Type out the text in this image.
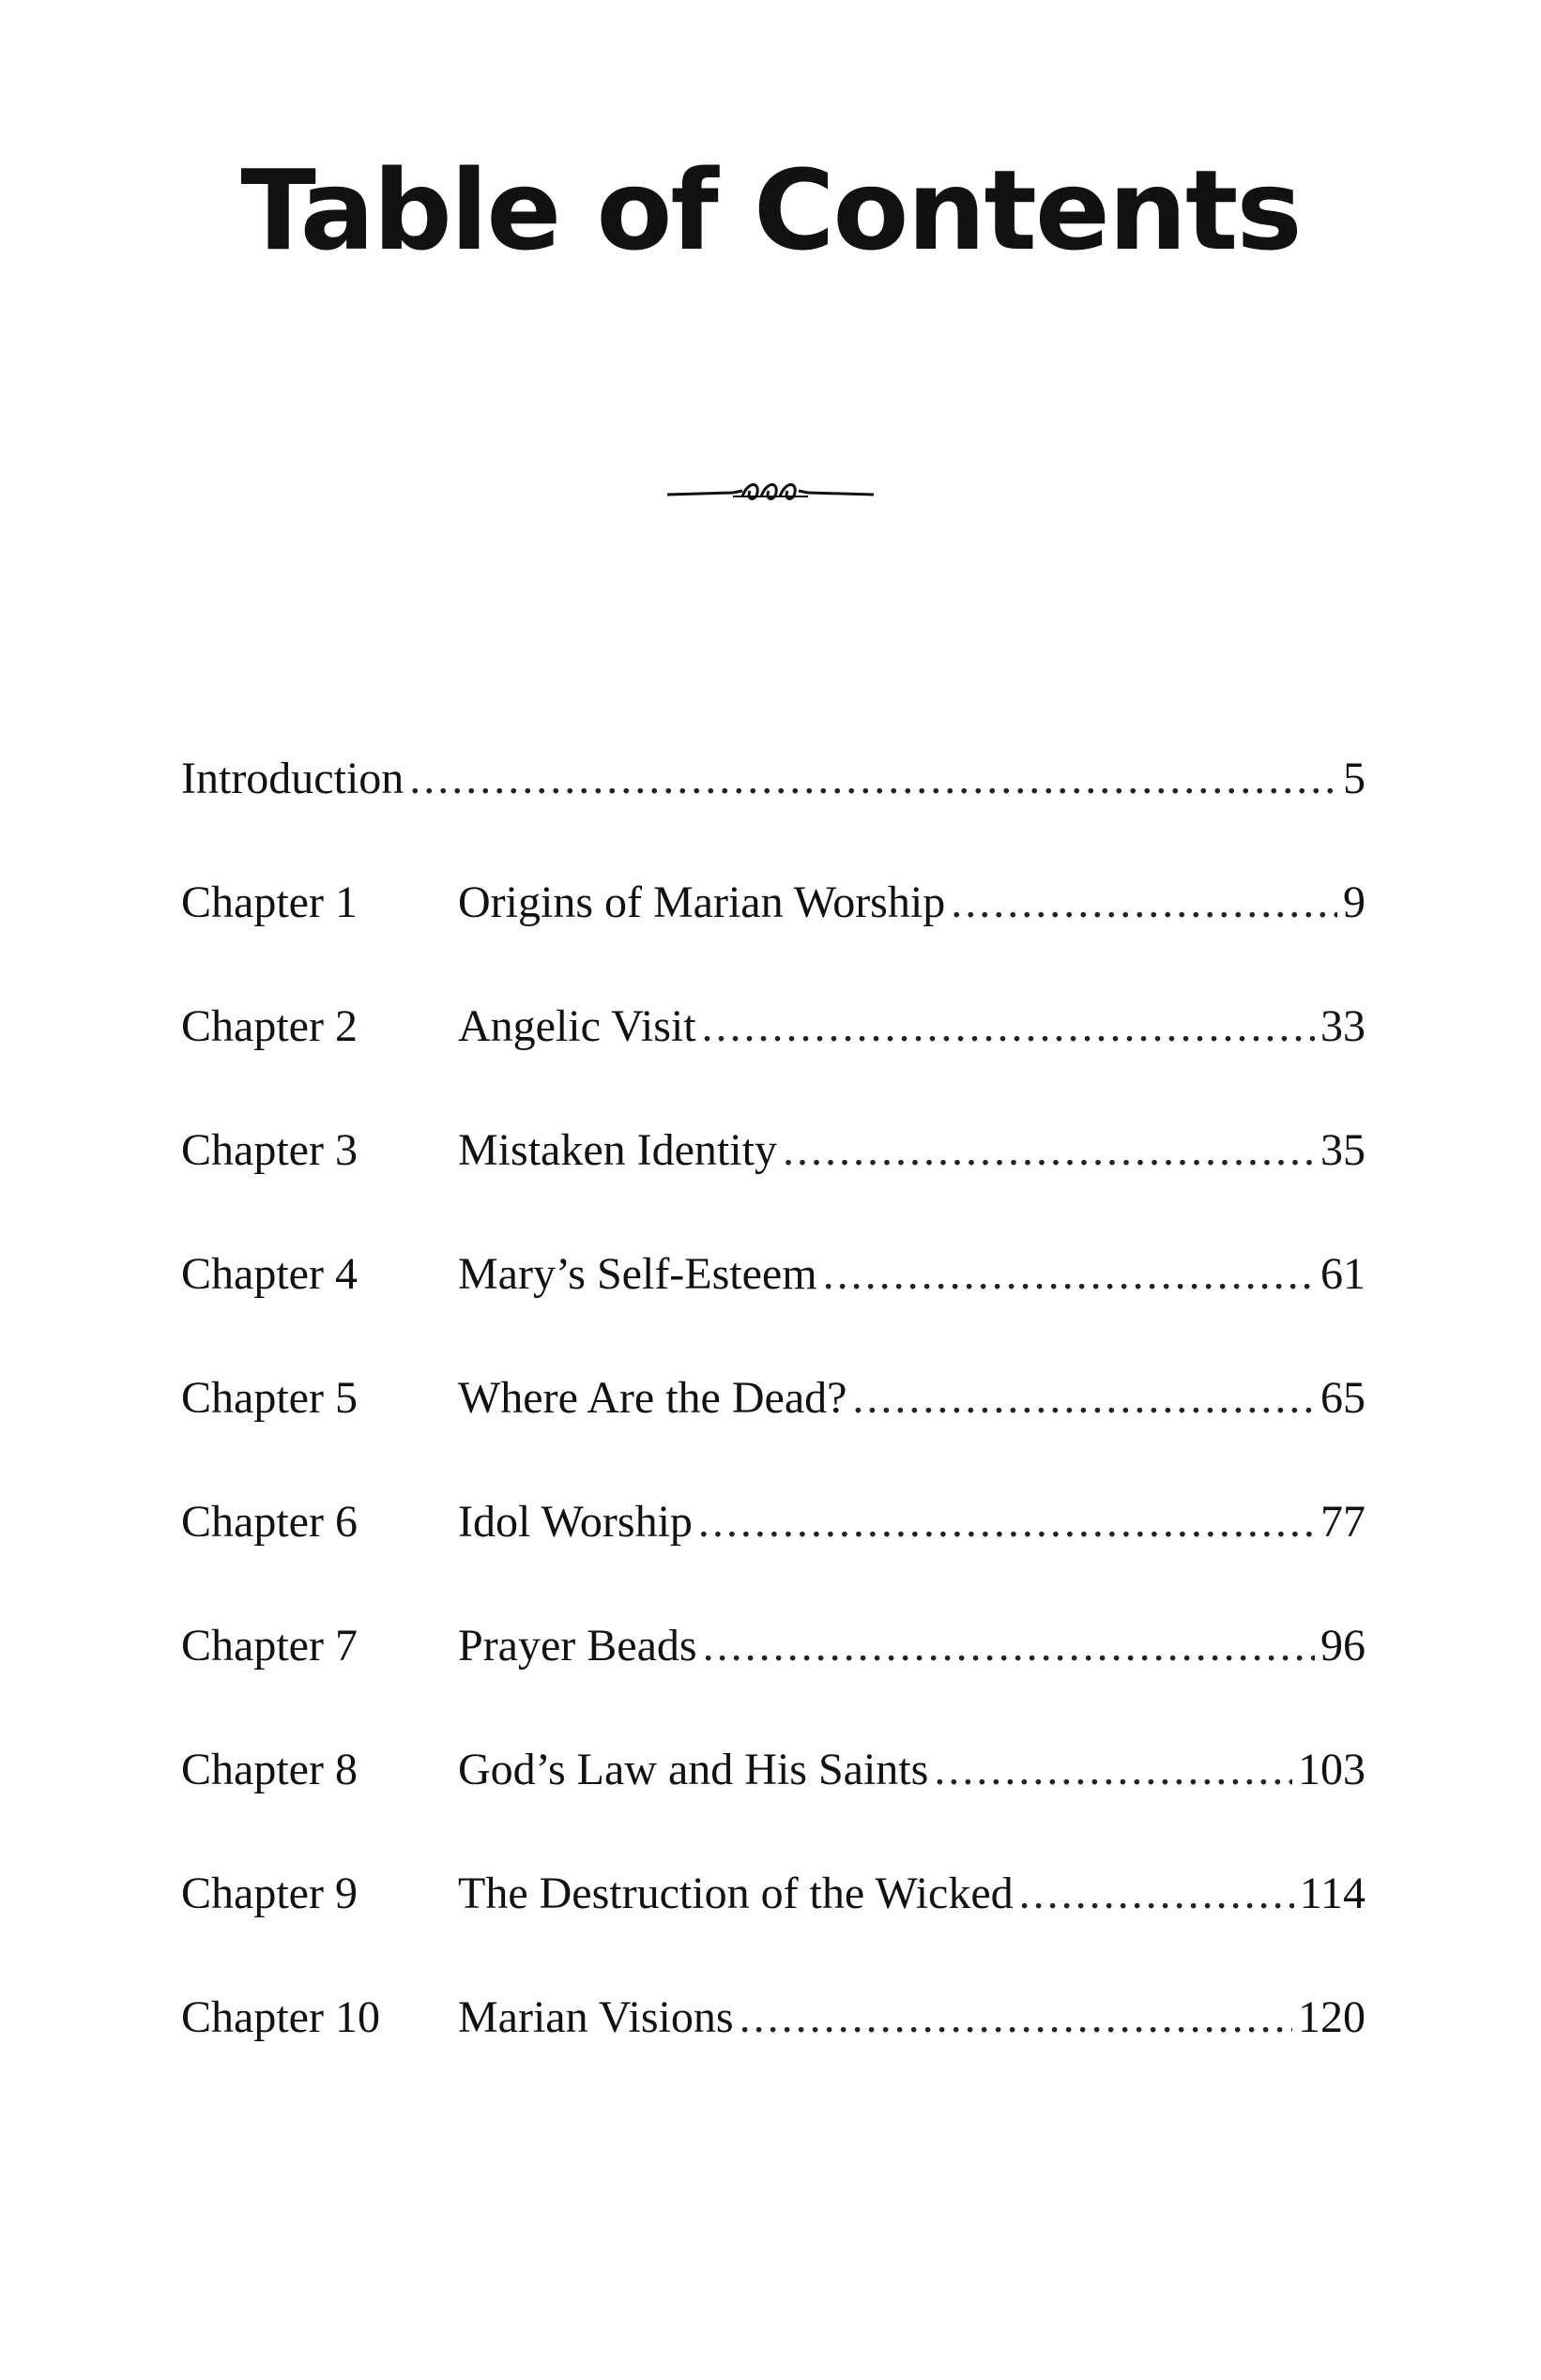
Table of Contents
Introduction .....	5
Chapter 1	Origins of Marian Worship .....	9
Chapter 2	Angelic Visit .....	33
Chapter 3	Mistaken Identity .....	35
Chapter 4	Mary’s Self-Esteem .....	61
Chapter 5	Where Are the Dead? .....	65
Chapter 6	Idol Worship .....	77
Chapter 7	Prayer Beads .....	96
Chapter 8	God’s Law and His Saints .....	103
Chapter 9	The Destruction of the Wicked .....	114
Chapter 10	Marian Visions .....	120
